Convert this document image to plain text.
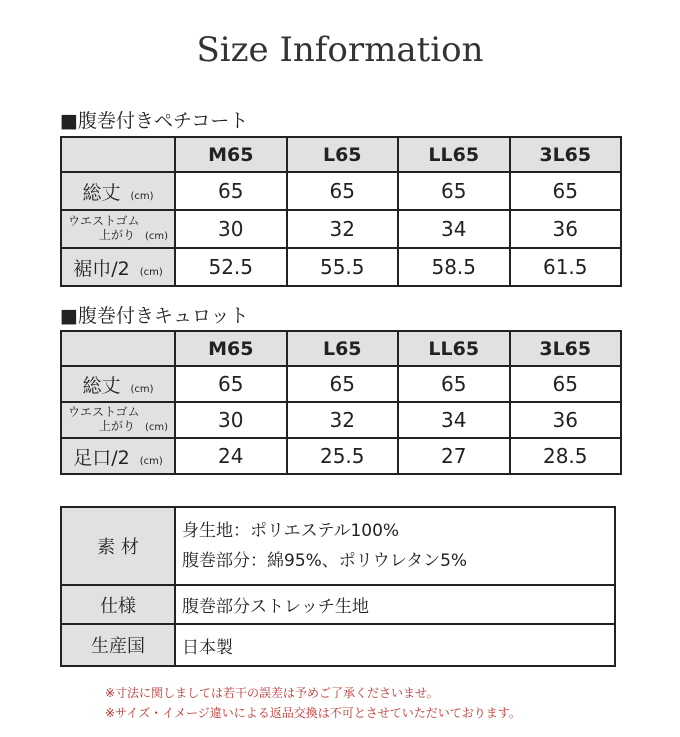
Size Information
■腹巻付きペチコート
	M65	L65	LL65	3L65
総丈 (cm)	65	65	65	65

ウエストゴム
上がり (cm)	30	32	34	36
裾巾/2 (cm)	52.5	55.5	58.5	61.5
■腹巻付きキュロット
	M65	L65	LL65	3L65
総丈 (cm)	65	65	65	65

ウエストゴム
上がり (cm)	30	32	34	36
足口/2 (cm)	24	25.5	27	28.5
素 材	身生地：ポリエステル100%
腹巻部分：綿95%、ポリウレタン5%

仕様	腹巻部分ストレッチ生地
生産国	日本製
※寸法に関しましては若干の誤差は予めご了承くださいませ。
※サイズ・イメージ違いによる返品交換は不可とさせていただいております。
